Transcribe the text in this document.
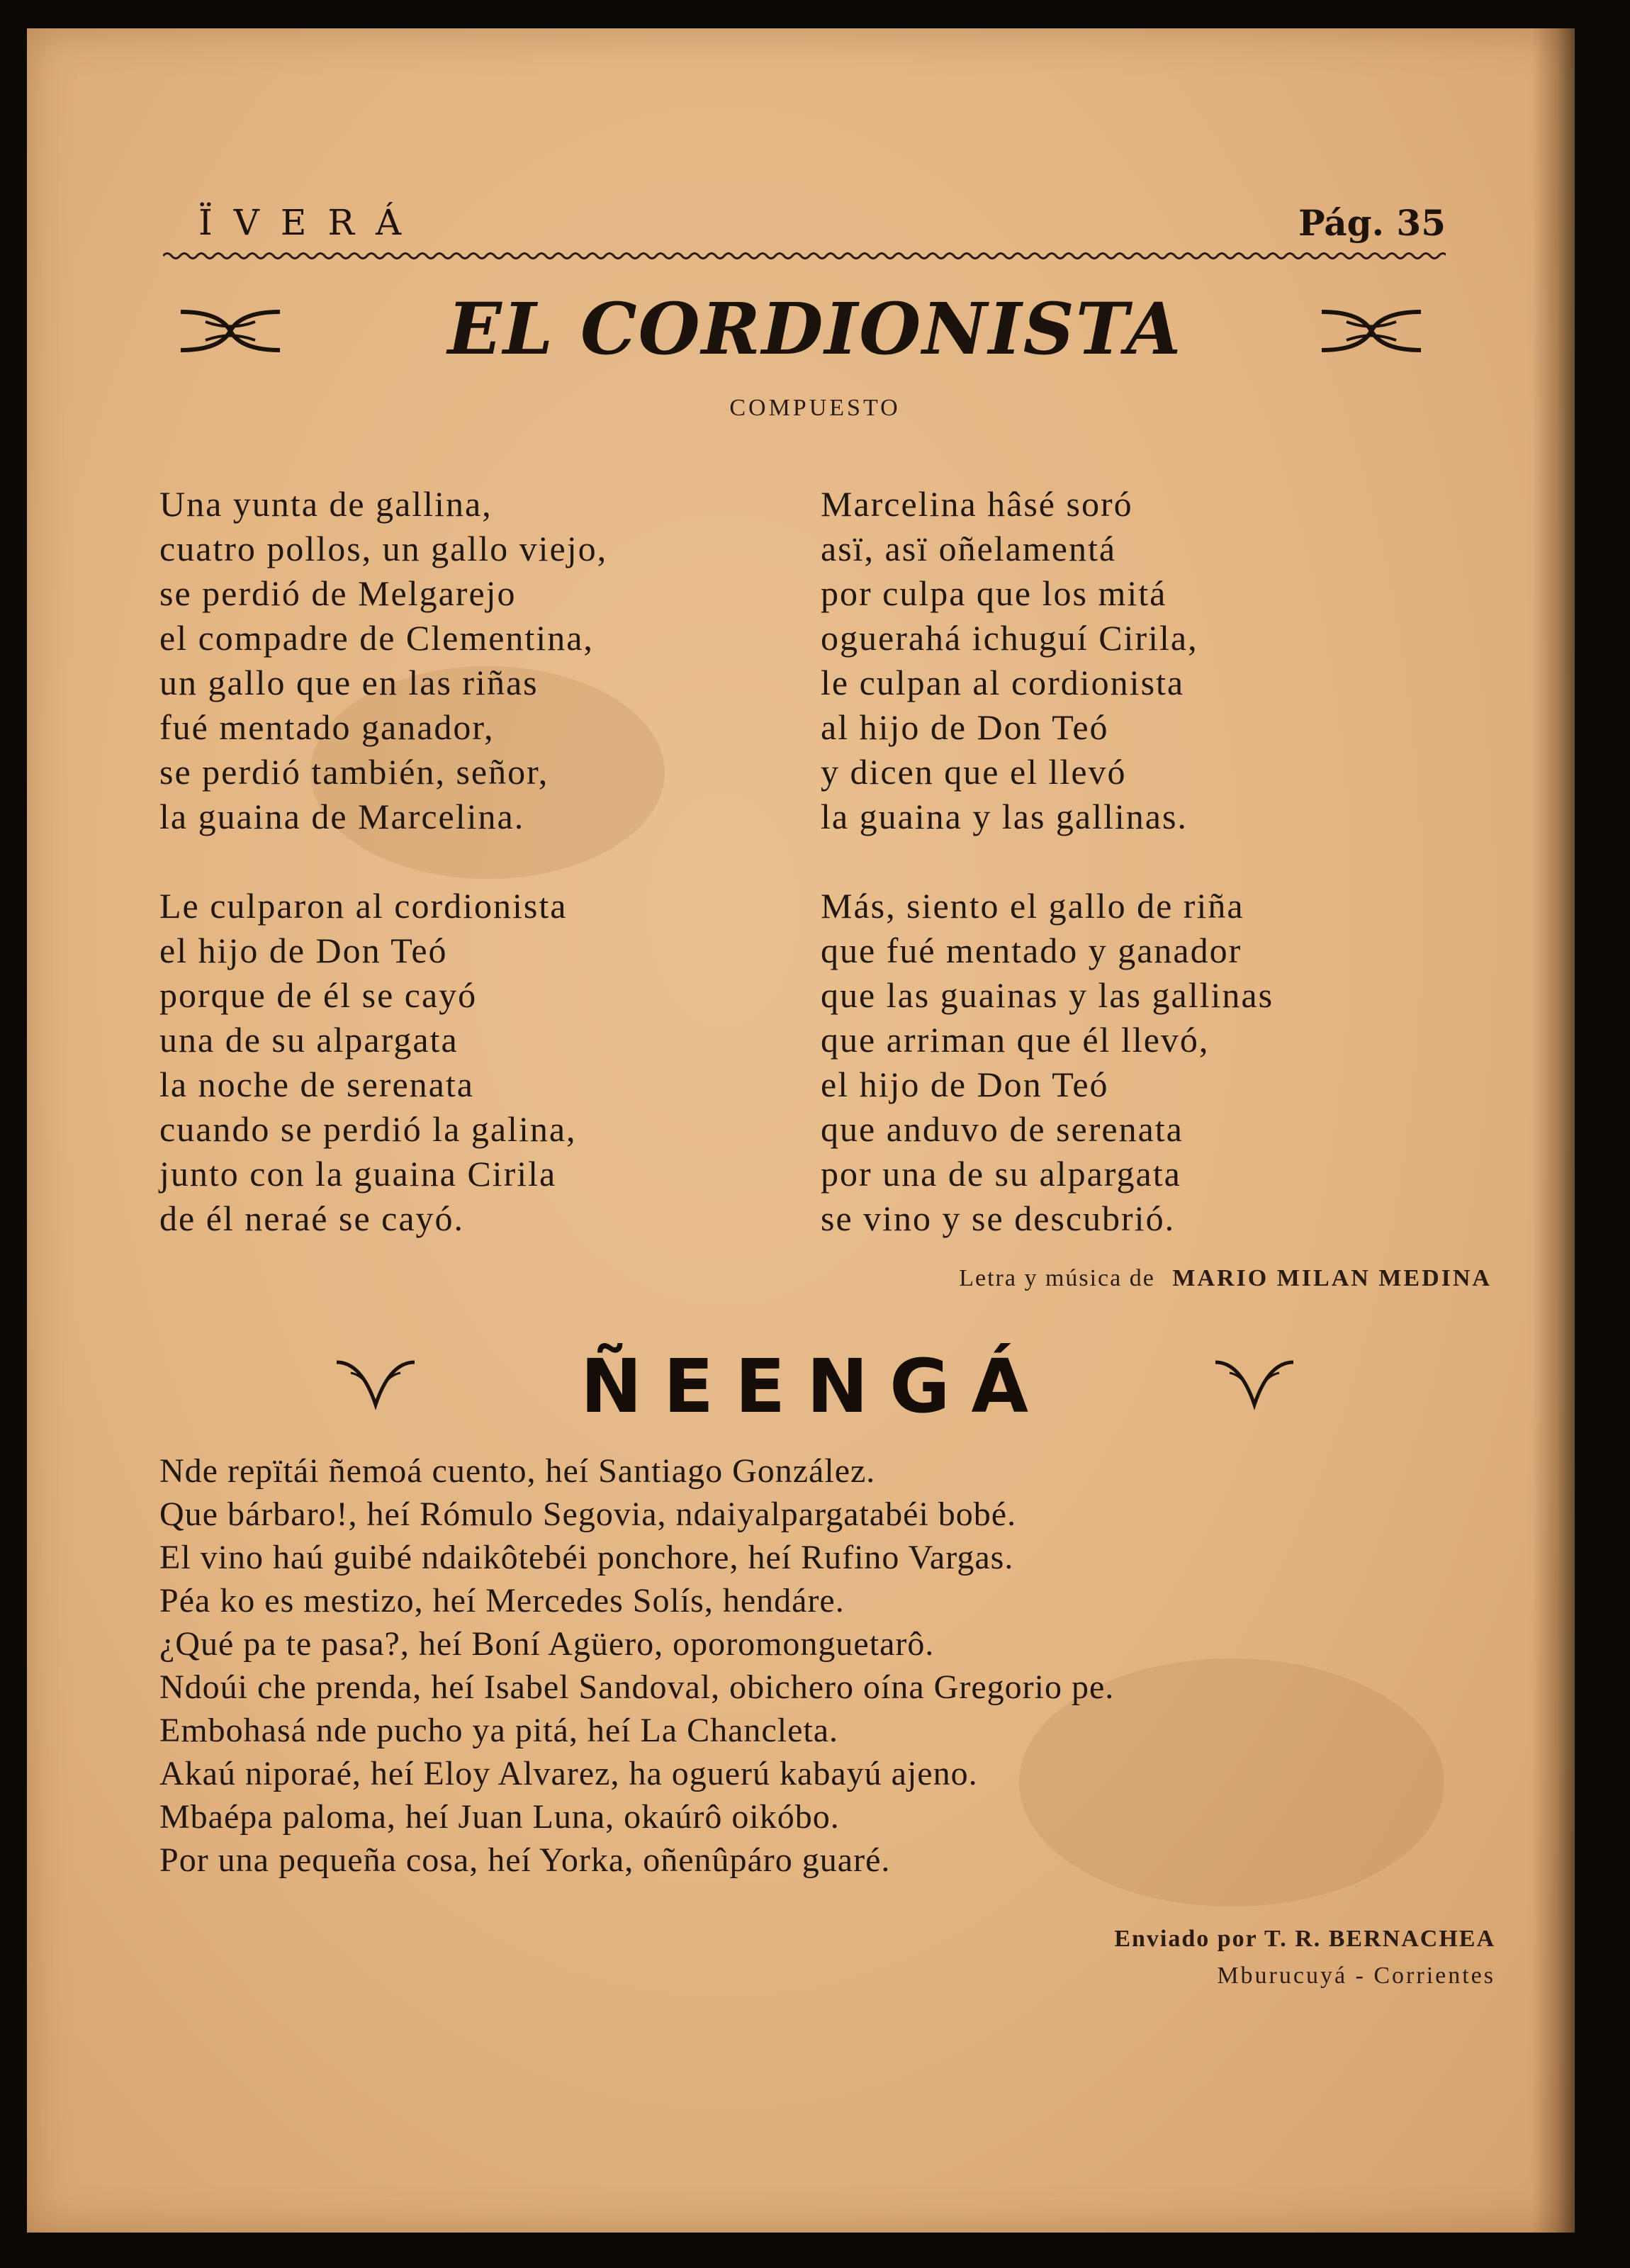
ÏVERÁ	Pág. 35
EL CORDIONISTA
COMPUESTO
Una yunta de gallina,
cuatro pollos, un gallo viejo,
se perdió de Melgarejo
el compadre de Clementina,
un gallo que en las riñas
fué mentado ganador,
se perdió también, señor,
la guaina de Marcelina.
Le culparon al cordionista
el hijo de Don Teó
porque de él se cayó
una de su alpargata
la noche de serenata
cuando se perdió la galina,
junto con la guaina Cirila
de él neraé se cayó.
Marcelina hâsé soró
asï, asï oñelamentá
por culpa que los mitá
oguerahá ichuguí Cirila,
le culpan al cordionista
al hijo de Don Teó
y dicen que el llevó
la guaina y las gallinas.
Más, siento el gallo de riña
que fué mentado y ganador
que las guainas y las gallinas
que arriman que él llevó,
el hijo de Don Teó
que anduvo de serenata
por una de su alpargata
se vino y se descubrió.
Letra y música de MARIO MILAN MEDINA
ÑEENGÁ
Nde repïtái ñemoá cuento, heí Santiago González.
Que bárbaro!, heí Rómulo Segovia, ndaiyalpargatabéi bobé.
El vino haú guibé ndaikôtebéi ponchore, heí Rufino Vargas.
Péa ko es mestizo, heí Mercedes Solís, hendáre.
¿Qué pa te pasa?, heí Boní Agüero, oporomonguetarô.
Ndoúi che prenda, heí Isabel Sandoval, obichero oína Gregorio pe.
Embohasá nde pucho ya pitá, heí La Chancleta.
Akaú niporaé, heí Eloy Alvarez, ha oguerú kabayú ajeno.
Mbaépa paloma, heí Juan Luna, okaúrô oikóbo.
Por una pequeña cosa, heí Yorka, oñenûpáro guaré.
Enviado por T. R. BERNACHEA
Mburucuyá - Corrientes
